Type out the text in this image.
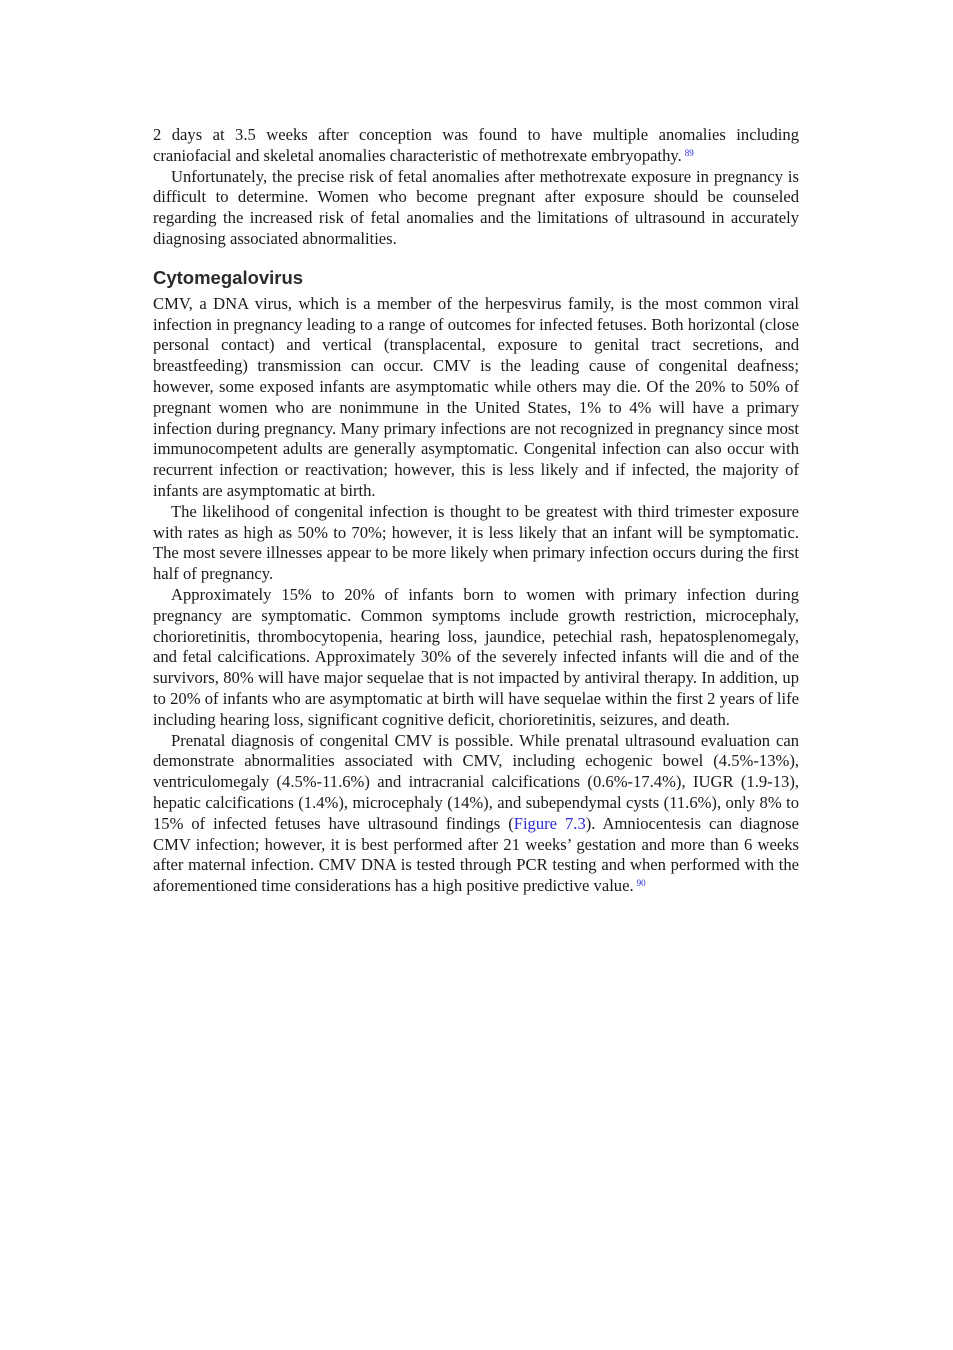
2 days at 3.5 weeks after conception was found to have multiple anomalies including craniofacial and skeletal anomalies characteristic of methotrexate embryopathy. $^{89}$

Unfortunately, the precise risk of fetal anomalies after methotrexate exposure in pregnancy is difficult to determine. Women who become pregnant after exposure should be counseled regarding the increased risk of fetal anomalies and the limitations of ultrasound in accurately diagnosing associated abnormalities.

Cytomegalovirus

CMV, a DNA virus, which is a member of the herpesvirus family, is the most common viral infection in pregnancy leading to a range of outcomes for infected fetuses. Both horizontal (close personal contact) and vertical (transplacental, exposure to genital tract secretions, and breastfeeding) transmission can occur. CMV is the leading cause of congenital deafness; however, some exposed infants are asymptomatic while others may die. Of the 20% to 50% of pregnant women who are nonimmune in the United States, 1% to 4% will have a primary infection during pregnancy. Many primary infections are not recognized in pregnancy since most immunocompetent adults are generally asymptomatic. Congenital infection can also occur with recurrent infection or reactivation; however, this is less likely and if infected, the majority of infants are asymptomatic at birth.

The likelihood of congenital infection is thought to be greatest with third trimester exposure with rates as high as 50% to 70%; however, it is less likely that an infant will be symptomatic. The most severe illnesses appear to be more likely when primary infection occurs during the first half of pregnancy.

Approximately 15% to 20% of infants born to women with primary infection during pregnancy are symptomatic. Common symptoms include growth restriction, microcephaly, chorioretinitis, thrombocytopenia, hearing loss, jaundice, petechial rash, hepatosplenomegaly, and fetal calcifications. Approximately 30% of the severely infected infants will die and of the survivors, 80% will have major sequelae that is not impacted by antiviral therapy. In addition, up to 20% of infants who are asymptomatic at birth will have sequelae within the first 2 years of life including hearing loss, significant cognitive deficit, chorioretinitis, seizures, and death.

Prenatal diagnosis of congenital CMV is possible. While prenatal ultrasound evaluation can demonstrate abnormalities associated with CMV, including echogenic bowel (4.5%-13%), ventriculomegaly (4.5%-11.6%) and intracranial calcifications (0.6%-17.4%), IUGR (1.9-13), hepatic calcifications (1.4%), microcephaly (14%), and subependymal cysts (11.6%), only 8% to 15% of infected fetuses have ultrasound findings (Figure 7.3). Amniocentesis can diagnose CMV infection; however, it is best performed after 21 weeks’ gestation and more than 6 weeks after maternal infection. CMV DNA is tested through PCR testing and when performed with the aforementioned time considerations has a high positive predictive value. $^{90}$
